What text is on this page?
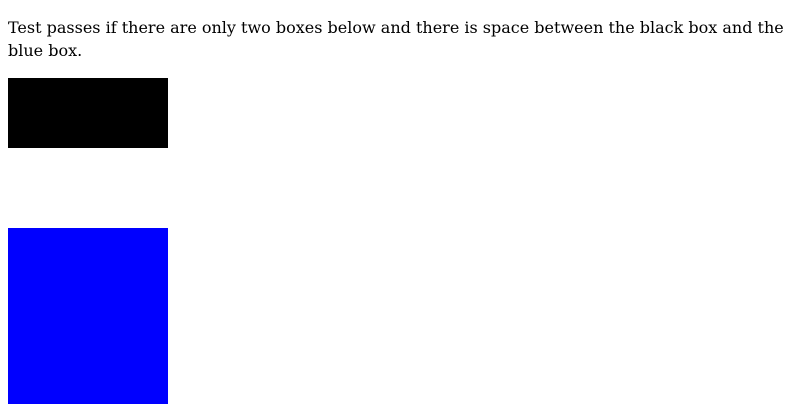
Test passes if there are only two boxes below and there is space between the black box and the blue box.
